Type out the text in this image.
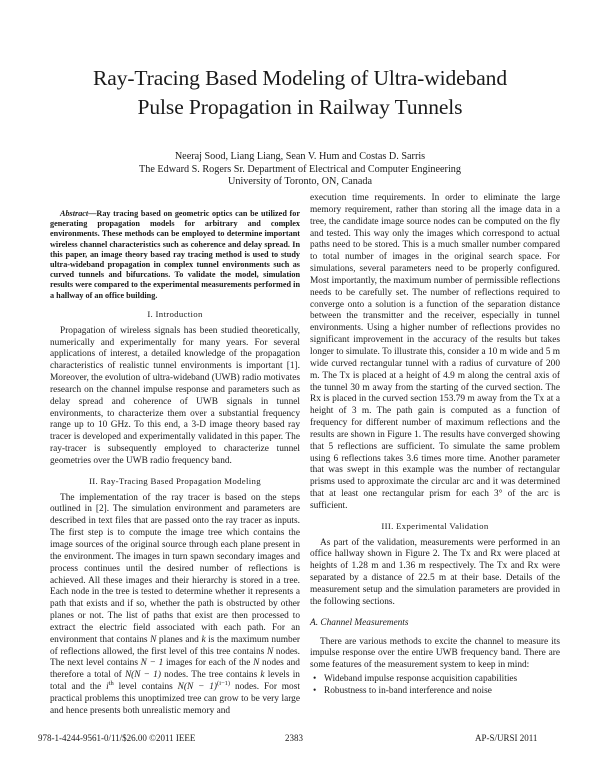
Ray-Tracing Based Modeling of Ultra-wideband
Pulse Propagation in Railway Tunnels
Neeraj Sood, Liang Liang, Sean V. Hum and Costas D. Sarris
The Edward S. Rogers Sr. Department of Electrical and Computer Engineering
University of Toronto, ON, Canada

Abstract—Ray tracing based on geometric optics can be utilized for generating propagation models for arbitrary and complex environments. These methods can be employed to determine important wireless channel characteristics such as coherence and delay spread. In this paper, an image theory based ray tracing method is used to study ultra-wideband propagation in complex tunnel environments such as curved tunnels and bifurcations. To validate the model, simulation results were compared to the experimental measurements performed in a hallway of an office building.

I. Introduction

Propagation of wireless signals has been studied theoretically, numerically and experimentally for many years. For several applications of interest, a detailed knowledge of the propagation characteristics of realistic tunnel environments is important [1]. Moreover, the evolution of ultra-wideband (UWB) radio motivates research on the channel impulse response and parameters such as delay spread and coherence of UWB signals in tunnel environments, to characterize them over a substantial frequency range up to 10 GHz. To this end, a 3-D image theory based ray tracer is developed and experimentally validated in this paper. The ray-tracer is subsequently employed to characterize tunnel geometries over the UWB radio frequency band.

II. Ray-Tracing Based Propagation Modeling

The implementation of the ray tracer is based on the steps outlined in [2]. The simulation environment and parameters are described in text files that are passed onto the ray tracer as inputs. The first step is to compute the image tree which contains the image sources of the original source through each plane present in the environment. The images in turn spawn secondary images and process continues until the desired number of reflections is achieved. All these images and their hierarchy is stored in a tree. Each node in the tree is tested to determine whether it represents a path that exists and if so, whether the path is obstructed by other planes or not. The list of paths that exist are then processed to extract the electric field associated with each path. For an environment that contains N planes and k is the maximum number of reflections allowed, the first level of this tree contains N nodes. The next level contains N − 1 images for each of the N nodes and therefore a total of N(N − 1) nodes. The tree contains k levels in total and the $i^{th}$ level contains $N(N - 1)^{(i-1)}$ nodes. For most practical problems this unoptimized tree can grow to be very large and hence presents both unrealistic memory and

execution time requirements. In order to eliminate the large memory requirement, rather than storing all the image data in a tree, the candidate image source nodes can be computed on the fly and tested. This way only the images which correspond to actual paths need to be stored. This is a much smaller number compared to total number of images in the original search space. For simulations, several parameters need to be properly configured. Most importantly, the maximum number of permissible reflections needs to be carefully set. The number of reflections required to converge onto a solution is a function of the separation distance between the transmitter and the receiver, especially in tunnel environments. Using a higher number of reflections provides no significant improvement in the accuracy of the results but takes longer to simulate. To illustrate this, consider a 10 m wide and 5 m wide curved rectangular tunnel with a radius of curvature of 200 m. The Tx is placed at a height of 4.9 m along the central axis of the tunnel 30 m away from the starting of the curved section. The Rx is placed in the curved section 153.79 m away from the Tx at a height of 3 m. The path gain is computed as a function of frequency for different number of maximum reflections and the results are shown in Figure 1. The results have converged showing that 5 reflections are sufficient. To simulate the same problem using 6 reflections takes 3.6 times more time. Another parameter that was swept in this example was the number of rectangular prisms used to approximate the circular arc and it was determined that at least one rectangular prism for each 3° of the arc is sufficient.

III. Experimental Validation

As part of the validation, measurements were performed in an office hallway shown in Figure 2. The Tx and Rx were placed at heights of 1.28 m and 1.36 m respectively. The Tx and Rx were separated by a distance of 22.5 m at their base. Details of the measurement setup and the simulation parameters are provided in the following sections.

A. Channel Measurements

There are various methods to excite the channel to measure its impulse response over the entire UWB frequency band. There are some features of the measurement system to keep in mind:

• Wideband impulse response acquisition capabilities
• Robustness to in-band interference and noise
978-1-4244-9561-0/11/$26.00 ©2011 IEEE	2383	AP-S/URSI 2011
